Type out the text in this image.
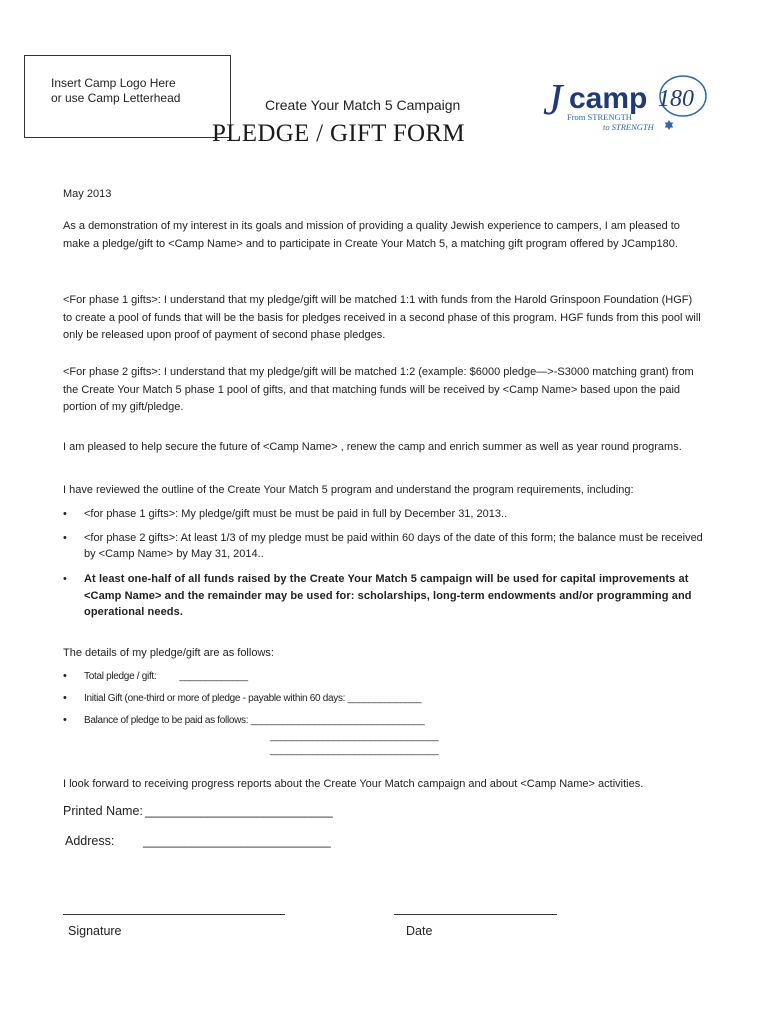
Insert Camp Logo Here
or use Camp Letterhead	Create Your Match 5 Campaign
PLEDGE / GIFT FORM
J camp 180
From STRENGTH
to STRENGTH
May 2013
As a demonstration of my interest in its goals and mission of providing a quality Jewish experience to campers, I am pleased to make a pledge/gift to <Camp Name> and to participate in Create Your Match 5, a matching gift program offered by JCamp180.
<For phase 1 gifts>: I understand that my pledge/gift will be matched 1:1 with funds from the Harold Grinspoon Foundation (HGF) to create a pool of funds that will be the basis for pledges received in a second phase of this program. HGF funds from this pool will only be released upon proof of payment of second phase pledges.
<For phase 2 gifts>: I understand that my pledge/gift will be matched 1:2 (example: $6000 pledge—>-S3000 matching grant) from the Create Your Match 5 phase 1 pool of gifts, and that matching funds will be received by <Camp Name> based upon the paid portion of my gift/pledge.
I am pleased to help secure the future of <Camp Name> , renew the camp and enrich summer as well as year round programs.
I have reviewed the outline of the Create Your Match 5 program and understand the program requirements, including:
• <for phase 1 gifts>: My pledge/gift must be must be paid in full by December 31, 2013..
• <for phase 2 gifts>: At least 1/3 of my pledge must be paid within 60 days of the date of this form; the balance must be received by <Camp Name> by May 31, 2014..
• At least one-half of all funds raised by the Create Your Match 5 campaign will be used for capital improvements at <Camp Name> and the remainder may be used for: scholarships, long-term endowments and/or programming and operational needs.
The details of my pledge/gift are as follows:
• Total pledge / gift: _____________
• Initial Gift (one-third or more of pledge - payable within 60 days: ______________
• Balance of pledge to be paid as follows: _________________________________
________________________________
________________________________
I look forward to receiving progress reports about the Create Your Match campaign and about <Camp Name> activities.
Printed Name: ___________________________
Address: ___________________________
Signature	Date
